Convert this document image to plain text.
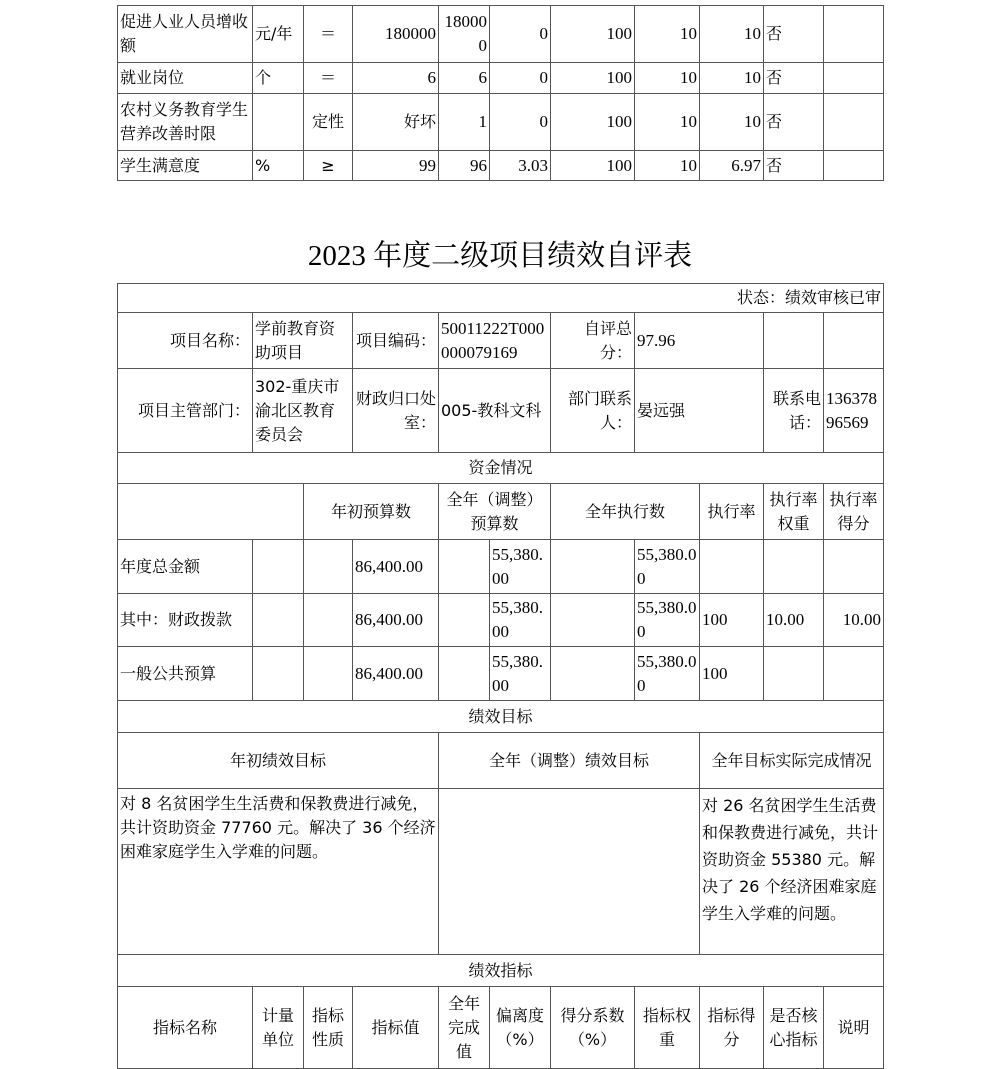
促进人业人员增收额	元/年	＝	180000	180000	0	100	10	10	否	
就业岗位	个	＝	6	6	0	100	10	10	否	
农村义务教育学生营养改善时限		定性	好坏	1	0	100	10	10	否	
学生满意度	%	≥	99	96	3.03	100	10	6.97	否	
2023 年度二级项目绩效自评表
状态：绩效审核已审										
项目名称：	学前教育资助项目		项目编码：	50011222T000000079169		自评总分：	97.96			
项目主管部门：	302-重庆市渝北区教育委员会		财政归口处室：	005-教科文科		部门联系人：	晏远强		联系电话：	13637896569
资金情况										
		年初预算数		全年（调整）预算数		全年执行数		执行率	执行率权重	执行率得分
年度总金额			86,400.00		55,380.00		55,380.00			
其中：财政拨款			86,400.00		55,380.00		55,380.00	100	10.00	10.00
一般公共预算			86,400.00		55,380.00		55,380.00	100		
绩效目标										
年初绩效目标				全年（调整）绩效目标				全年目标实际完成情况		
对 8 名贫困学生生活费和保教费进行减免，共计资助资金 77760 元。解决了 36 个经济困难家庭学生入学难的问题。								对 26 名贫困学生生活费和保教费进行减免，共计资助资金 55380 元。解决了 26 个经济困难家庭学生入学难的问题。		
绩效指标										
指标名称	计量单位	指标性质	指标值	全年完成值	偏离度（%）	得分系数（%）	指标权重	指标得分	是否核心指标	说明
